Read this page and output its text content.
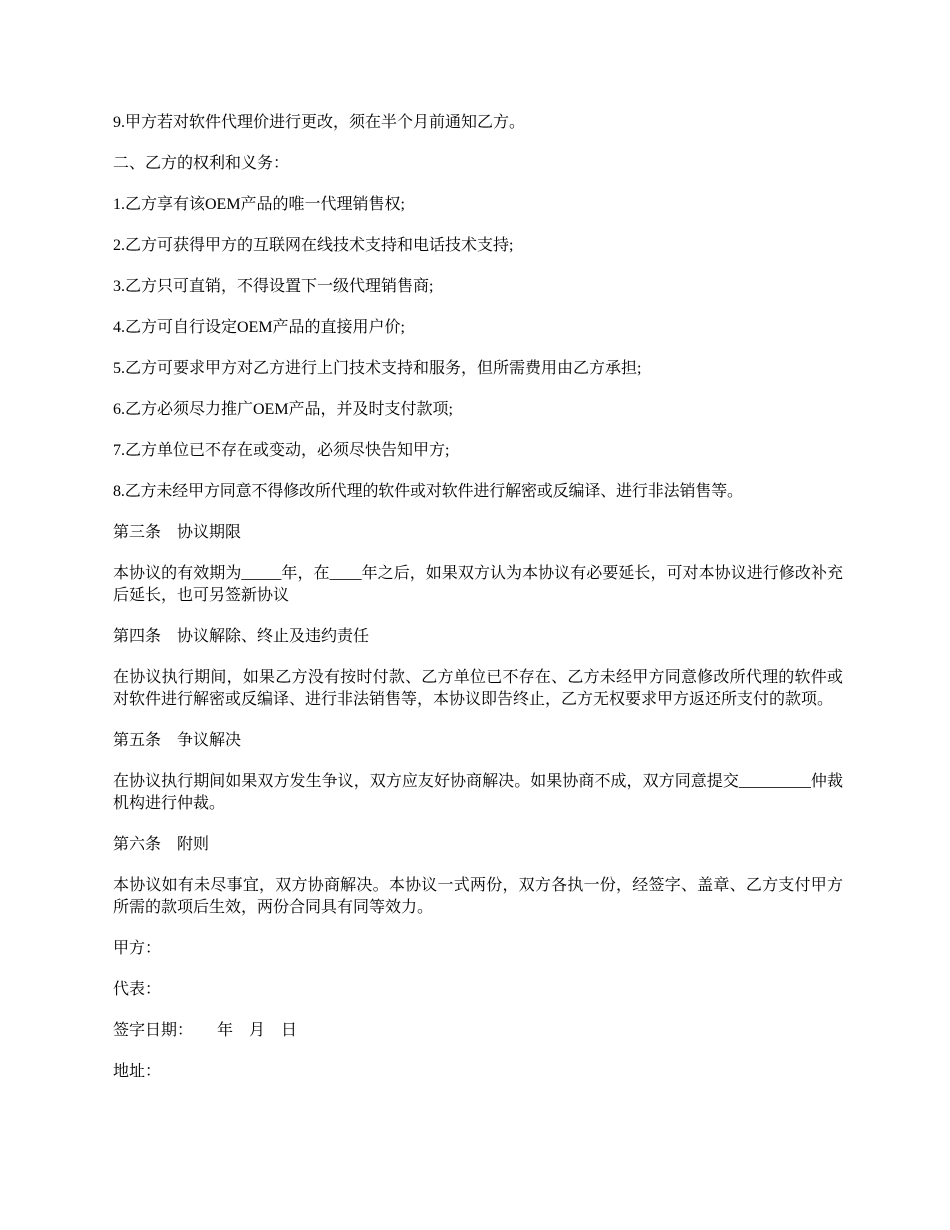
9.甲方若对软件代理价进行更改，须在半个月前通知乙方。

二、乙方的权利和义务：

1.乙方享有该OEM产品的唯一代理销售权;

2.乙方可获得甲方的互联网在线技术支持和电话技术支持;

3.乙方只可直销，不得设置下一级代理销售商;

4.乙方可自行设定OEM产品的直接用户价;

5.乙方可要求甲方对乙方进行上门技术支持和服务，但所需费用由乙方承担;

6.乙方必须尽力推广OEM产品，并及时支付款项;

7.乙方单位已不存在或变动，必须尽快告知甲方;

8.乙方未经甲方同意不得修改所代理的软件或对软件进行解密或反编译、进行非法销售等。

第三条　协议期限

本协议的有效期为_____年，在____年之后，如果双方认为本协议有必要延长，可对本协议进行修改补充后延长，也可另签新协议

第四条　协议解除、终止及违约责任

在协议执行期间，如果乙方没有按时付款、乙方单位已不存在、乙方未经甲方同意修改所代理的软件或对软件进行解密或反编译、进行非法销售等，本协议即告终止，乙方无权要求甲方返还所支付的款项。

第五条　争议解决

在协议执行期间如果双方发生争议，双方应友好协商解决。如果协商不成，双方同意提交_________仲裁机构进行仲裁。

第六条　附则

本协议如有未尽事宜，双方协商解决。本协议一式两份，双方各执一份，经签字、盖章、乙方支付甲方所需的款项后生效，两份合同具有同等效力。

甲方：

代表：

签字日期：　　年　月　日

地址：
